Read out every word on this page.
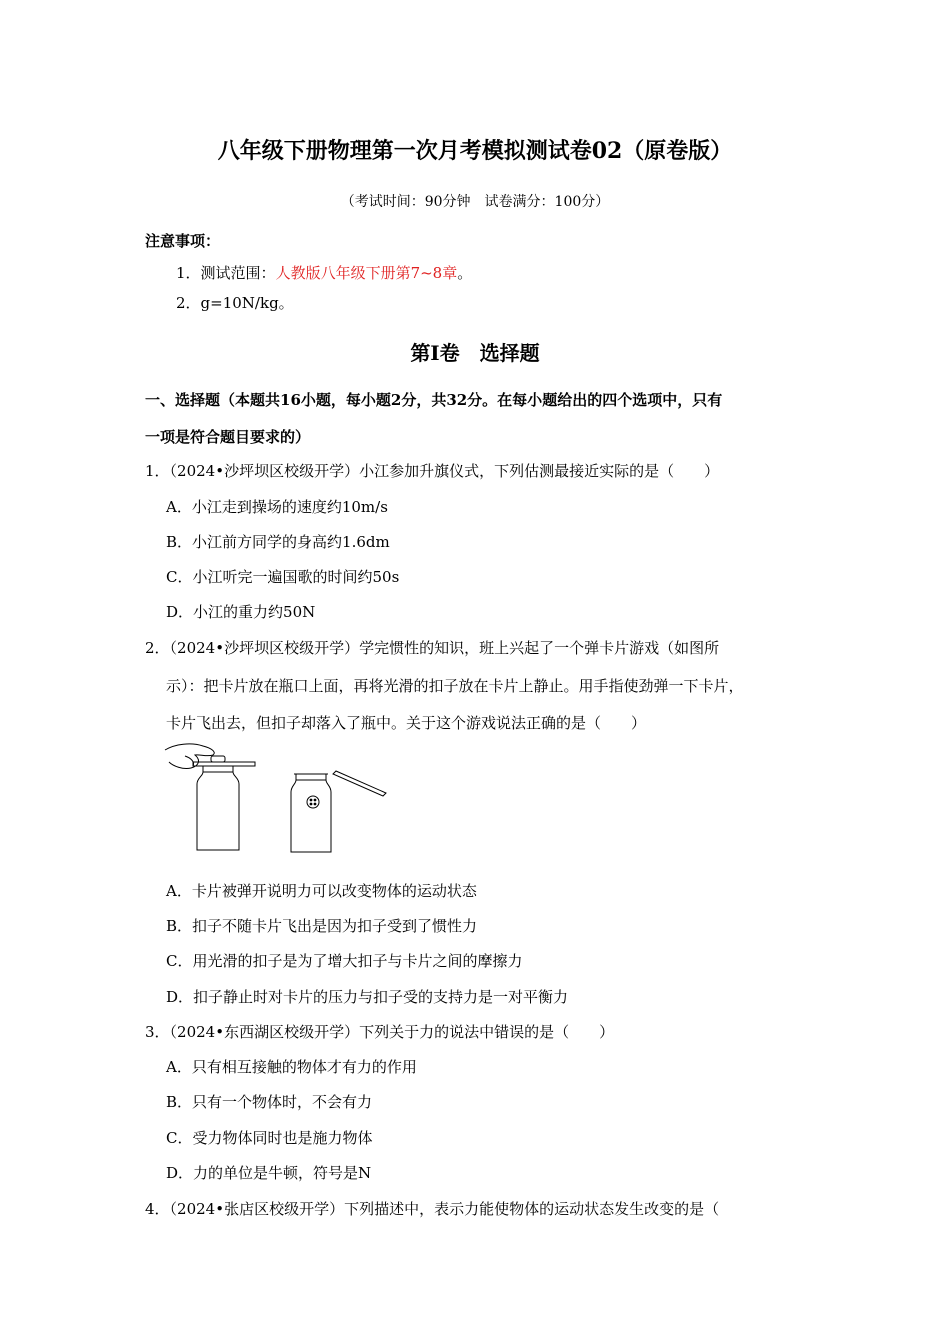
八年级下册物理第一次月考模拟测试卷02（原卷版）
（考试时间：90分钟　试卷满分：100分）
注意事项：
1．测试范围：人教版八年级下册第7~8章。
2．g=10N/kg。
第Ⅰ卷　选择题
一、选择题（本题共16小题，每小题2分，共32分。在每小题给出的四个选项中，只有
一项是符合题目要求的）
1．（2024•沙坪坝区校级开学）小江参加升旗仪式，下列估测最接近实际的是（　　）
A．小江走到操场的速度约10m/s
B．小江前方同学的身高约1.6dm
C．小江听完一遍国歌的时间约50s
D．小江的重力约50N
2．（2024•沙坪坝区校级开学）学完惯性的知识，班上兴起了一个弹卡片游戏（如图所
示）：把卡片放在瓶口上面，再将光滑的扣子放在卡片上静止。用手指使劲弹一下卡片，
卡片飞出去，但扣子却落入了瓶中。关于这个游戏说法正确的是（　　）
A．卡片被弹开说明力可以改变物体的运动状态
B．扣子不随卡片飞出是因为扣子受到了惯性力
C．用光滑的扣子是为了增大扣子与卡片之间的摩擦力
D．扣子静止时对卡片的压力与扣子受的支持力是一对平衡力
3．（2024•东西湖区校级开学）下列关于力的说法中错误的是（　　）
A．只有相互接触的物体才有力的作用
B．只有一个物体时，不会有力
C．受力物体同时也是施力物体
D．力的单位是牛顿，符号是N
4．（2024•张店区校级开学）下列描述中，表示力能使物体的运动状态发生改变的是（
